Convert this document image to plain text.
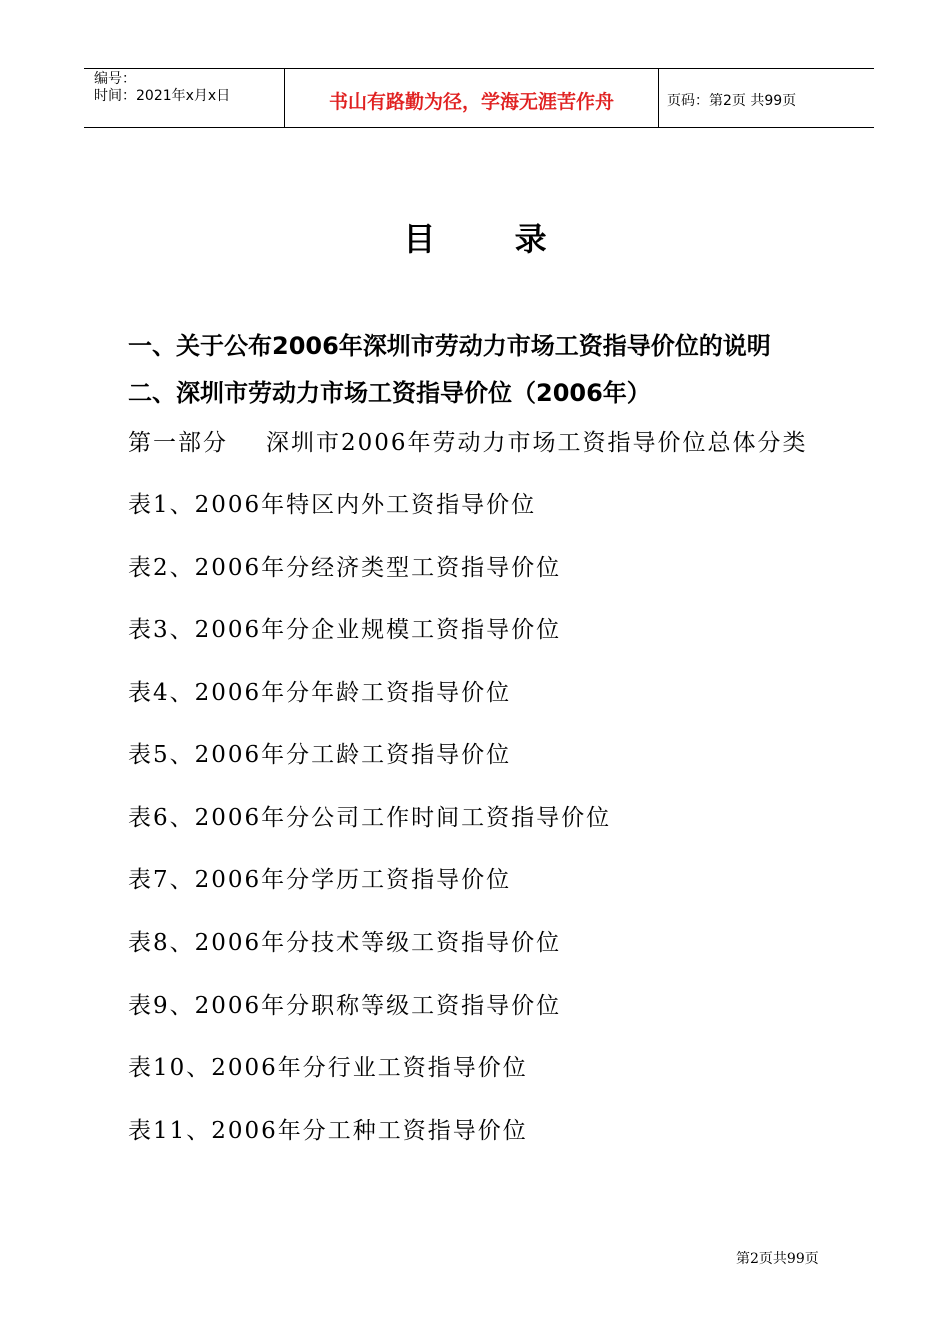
编号：
时间：2021年x月x日	书山有路勤为径，学海无涯苦作舟	页码：第2页 共99页
目 录
一、关于公布2006年深圳市劳动力市场工资指导价位的说明
二、深圳市劳动力市场工资指导价位（2006年）
第一部分 深圳市2006年劳动力市场工资指导价位总体分类
表1、2006年特区内外工资指导价位
表2、2006年分经济类型工资指导价位
表3、2006年分企业规模工资指导价位
表4、2006年分年龄工资指导价位
表5、2006年分工龄工资指导价位
表6、2006年分公司工作时间工资指导价位
表7、2006年分学历工资指导价位
表8、2006年分技术等级工资指导价位
表9、2006年分职称等级工资指导价位
表10、2006年分行业工资指导价位
表11、2006年分工种工资指导价位
第2页共99页
